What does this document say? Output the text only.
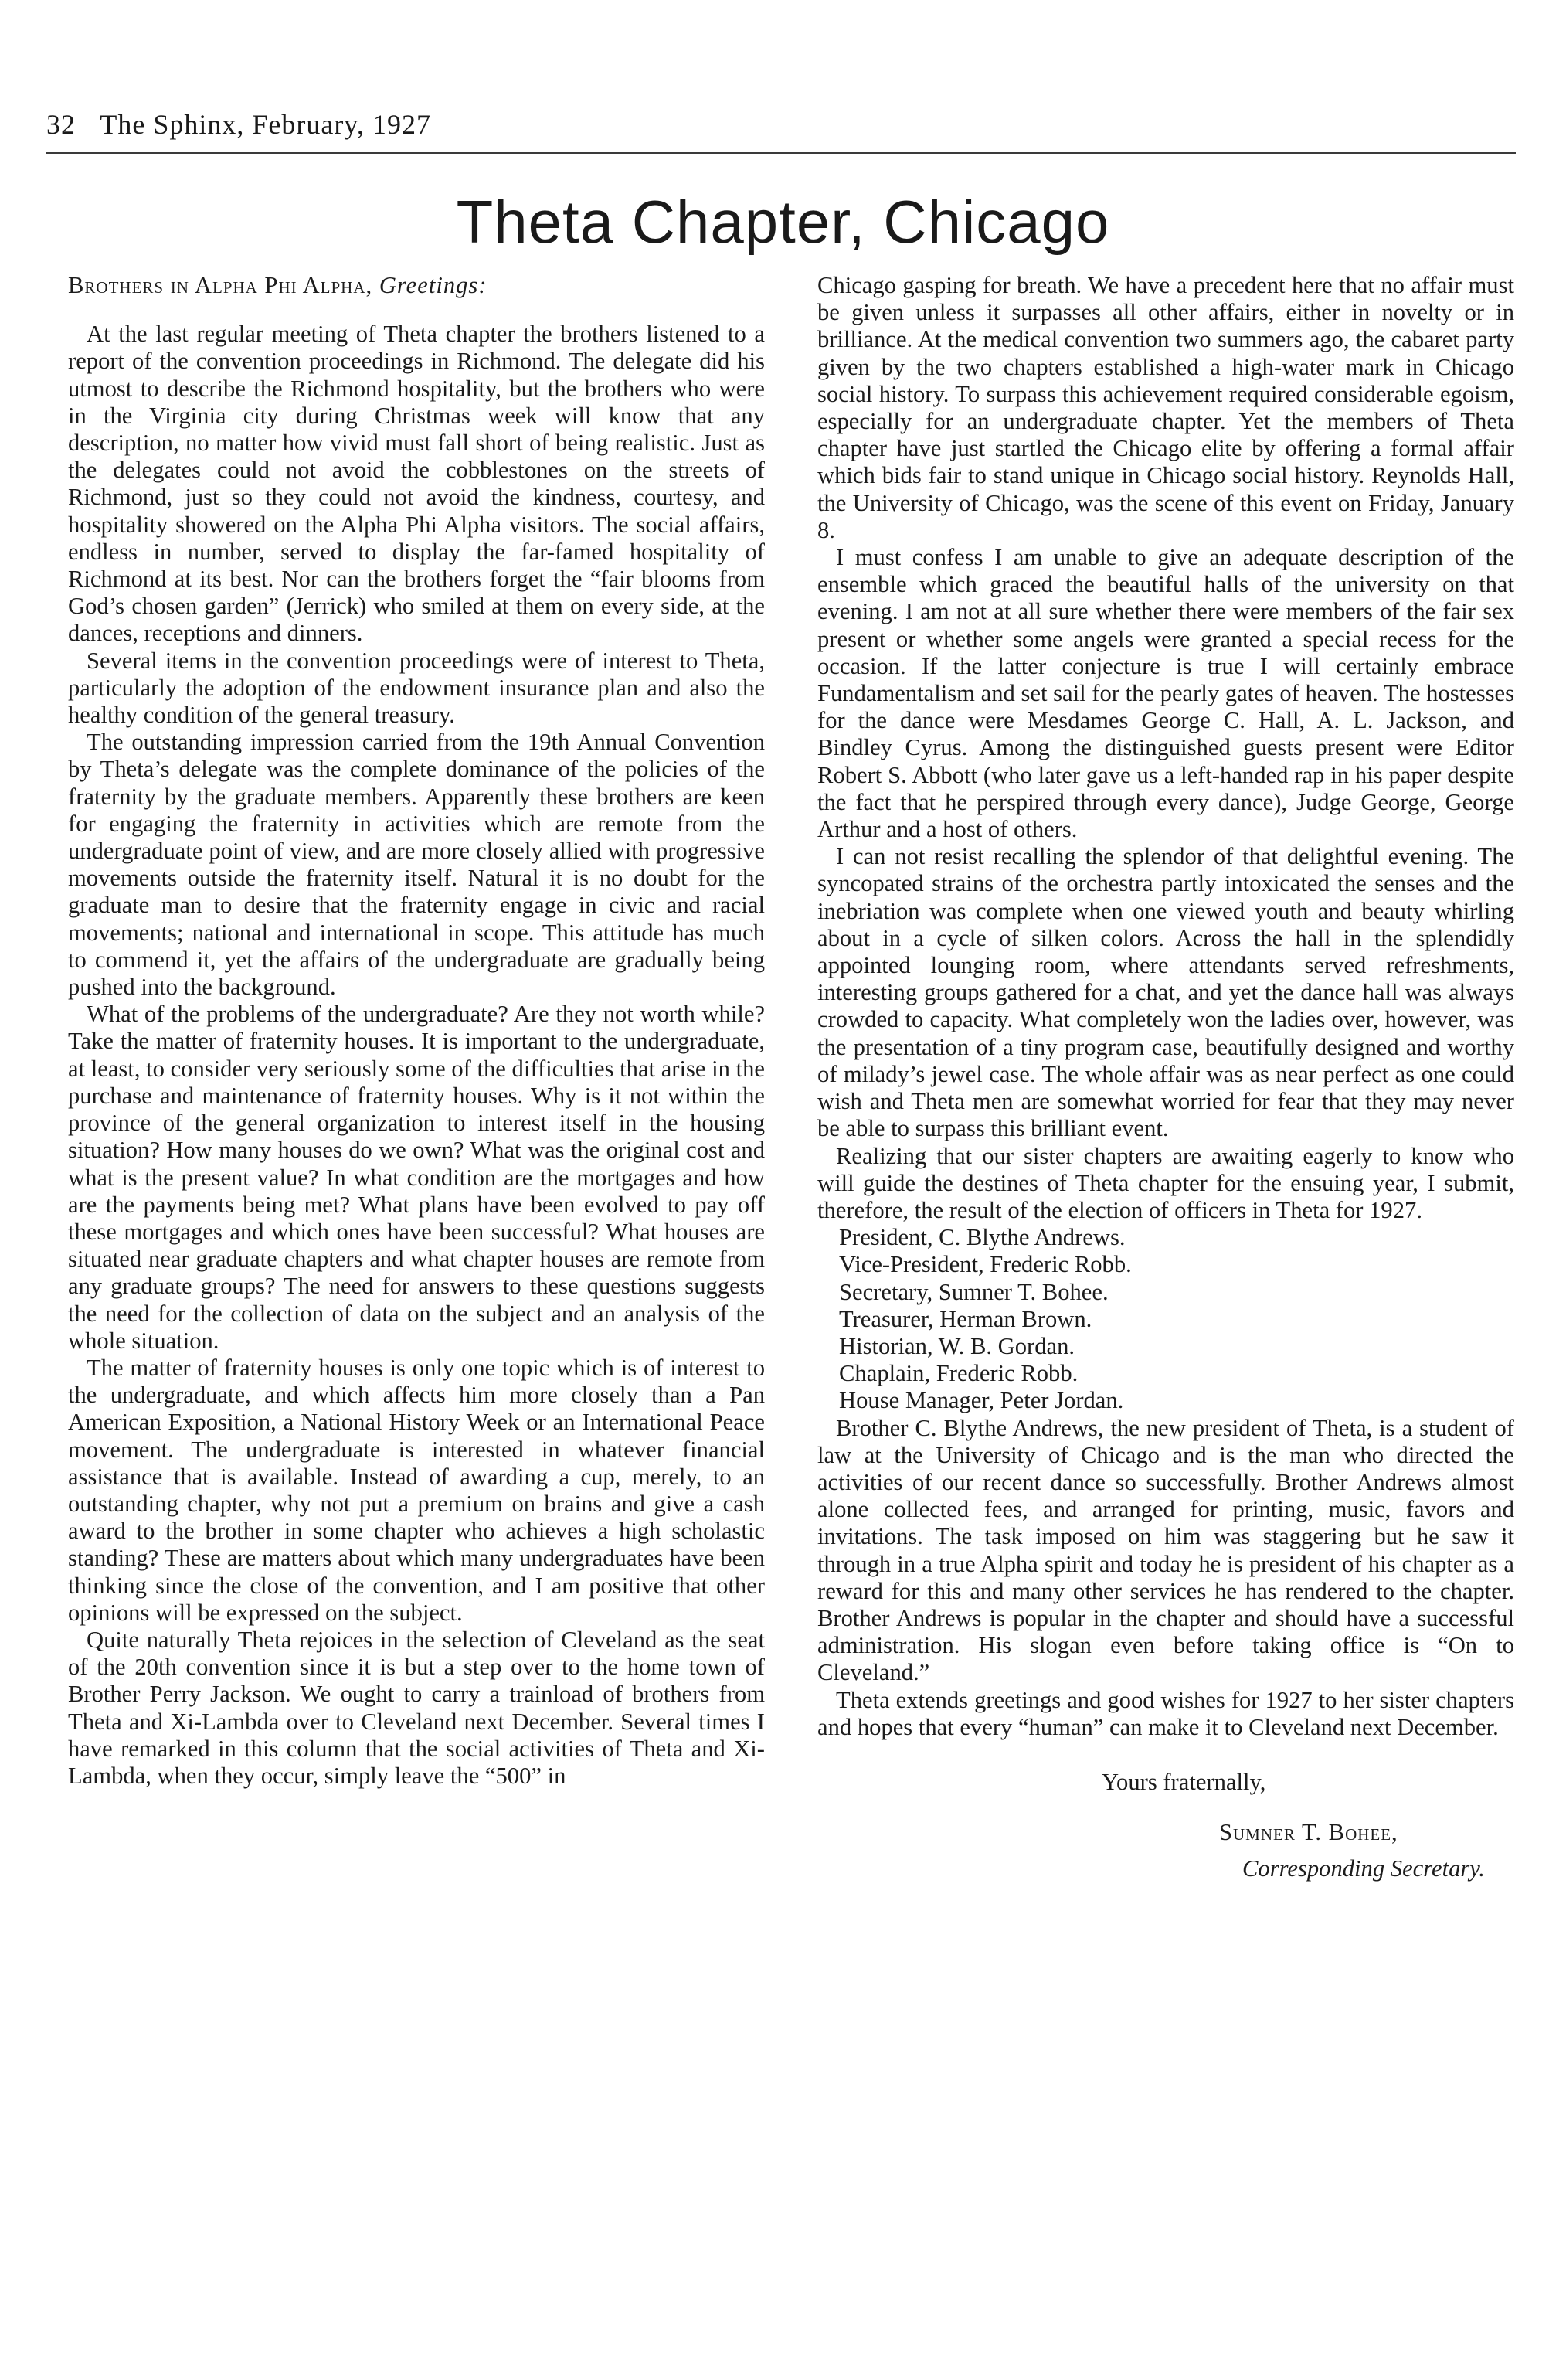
32 The Sphinx, February, 1927
Theta Chapter, Chicago

Brothers in Alpha Phi Alpha, Greetings:

At the last regular meeting of Theta chapter the brothers listened to a report of the convention proceedings in Richmond. The delegate did his utmost to describe the Richmond hospitality, but the brothers who were in the Virginia city during Christmas week will know that any description, no matter how vivid must fall short of being realistic. Just as the delegates could not avoid the cobblestones on the streets of Richmond, just so they could not avoid the kindness, courtesy, and hospitality showered on the Alpha Phi Alpha visitors. The social affairs, endless in number, served to display the far-famed hospitality of Richmond at its best. Nor can the brothers forget the “fair blooms from God’s chosen garden” (Jerrick) who smiled at them on every side, at the dances, receptions and dinners.

Several items in the convention proceedings were of interest to Theta, particularly the adoption of the endowment insurance plan and also the healthy condition of the general treasury.

The outstanding impression carried from the 19th Annual Convention by Theta’s delegate was the complete dominance of the policies of the fraternity by the graduate members. Apparently these brothers are keen for engaging the fraternity in activities which are remote from the undergraduate point of view, and are more closely allied with progressive movements outside the fraternity itself. Natural it is no doubt for the graduate man to desire that the fraternity engage in civic and racial movements; national and international in scope. This attitude has much to commend it, yet the affairs of the undergraduate are gradually being pushed into the background.

What of the problems of the undergraduate? Are they not worth while? Take the matter of fraternity houses. It is important to the undergraduate, at least, to consider very seriously some of the difficulties that arise in the purchase and maintenance of fraternity houses. Why is it not within the province of the general organization to interest itself in the housing situation? How many houses do we own? What was the original cost and what is the present value? In what condition are the mortgages and how are the payments being met? What plans have been evolved to pay off these mortgages and which ones have been successful? What houses are situated near graduate chapters and what chapter houses are remote from any graduate groups? The need for answers to these questions suggests the need for the collection of data on the subject and an analysis of the whole situation.

The matter of fraternity houses is only one topic which is of interest to the undergraduate, and which affects him more closely than a Pan American Exposition, a National History Week or an International Peace movement. The undergraduate is interested in whatever financial assistance that is available. Instead of awarding a cup, merely, to an outstanding chapter, why not put a premium on brains and give a cash award to the brother in some chapter who achieves a high scholastic standing? These are matters about which many undergraduates have been thinking since the close of the convention, and I am positive that other opinions will be expressed on the subject.

Quite naturally Theta rejoices in the selection of Cleveland as the seat of the 20th convention since it is but a step over to the home town of Brother Perry Jackson. We ought to carry a trainload of brothers from Theta and Xi-Lambda over to Cleveland next December. Several times I have remarked in this column that the social activities of Theta and Xi-Lambda, when they occur, simply leave the “500” in

Chicago gasping for breath. We have a precedent here that no affair must be given unless it surpasses all other affairs, either in novelty or in brilliance. At the medical convention two summers ago, the cabaret party given by the two chapters established a high-water mark in Chicago social history. To surpass this achievement required considerable egoism, especially for an undergraduate chapter. Yet the members of Theta chapter have just startled the Chicago elite by offering a formal affair which bids fair to stand unique in Chicago social history. Reynolds Hall, the University of Chicago, was the scene of this event on Friday, January 8.

I must confess I am unable to give an adequate description of the ensemble which graced the beautiful halls of the university on that evening. I am not at all sure whether there were members of the fair sex present or whether some angels were granted a special recess for the occasion. If the latter conjecture is true I will certainly embrace Fundamentalism and set sail for the pearly gates of heaven. The hostesses for the dance were Mesdames George C. Hall, A. L. Jackson, and Bindley Cyrus. Among the distinguished guests present were Editor Robert S. Abbott (who later gave us a left-handed rap in his paper despite the fact that he perspired through every dance), Judge George, George Arthur and a host of others.

I can not resist recalling the splendor of that delightful evening. The syncopated strains of the orchestra partly intoxicated the senses and the inebriation was complete when one viewed youth and beauty whirling about in a cycle of silken colors. Across the hall in the splendidly appointed lounging room, where attendants served refreshments, interesting groups gathered for a chat, and yet the dance hall was always crowded to capacity. What completely won the ladies over, however, was the presentation of a tiny program case, beautifully designed and worthy of milady’s jewel case. The whole affair was as near perfect as one could wish and Theta men are somewhat worried for fear that they may never be able to surpass this brilliant event.

Realizing that our sister chapters are awaiting eagerly to know who will guide the destines of Theta chapter for the ensuing year, I submit, therefore, the result of the election of officers in Theta for 1927.

President, C. Blythe Andrews.
Vice-President, Frederic Robb.
Secretary, Sumner T. Bohee.
Treasurer, Herman Brown.
Historian, W. B. Gordan.
Chaplain, Frederic Robb.
House Manager, Peter Jordan.

Brother C. Blythe Andrews, the new president of Theta, is a student of law at the University of Chicago and is the man who directed the activities of our recent dance so successfully. Brother Andrews almost alone collected fees, and arranged for printing, music, favors and invitations. The task imposed on him was staggering but he saw it through in a true Alpha spirit and today he is president of his chapter as a reward for this and many other services he has rendered to the chapter. Brother Andrews is popular in the chapter and should have a successful administration. His slogan even before taking office is “On to Cleveland.”

Theta extends greetings and good wishes for 1927 to her sister chapters and hopes that every “human” can make it to Cleveland next December.

Yours fraternally,

Sumner T. Bohee,

Corresponding Secretary.
